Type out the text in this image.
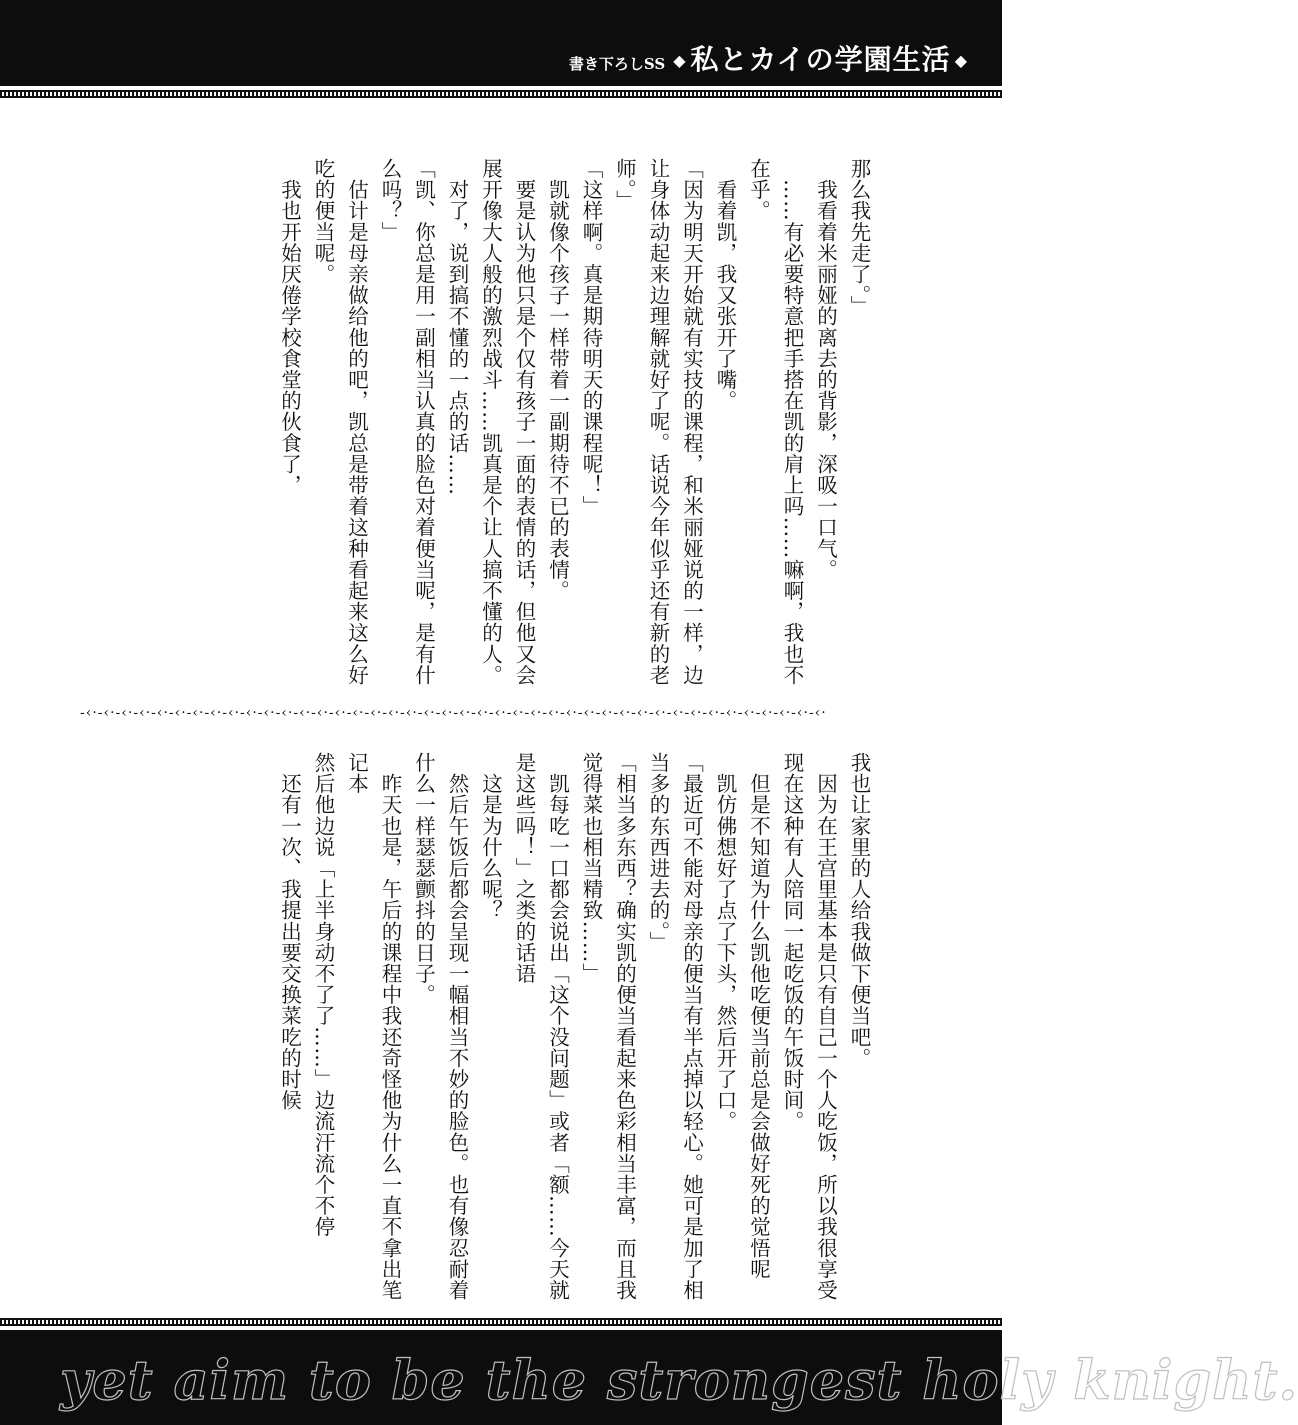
書き下ろしSS ◆ 私とカイの学園生活 ◆

那么我先走了。」

　我看着米丽娅的离去的背影，深吸一口气。

　……有必要特意把手搭在凯的肩上吗……嘛啊，我也不在乎。

　看着凯，我又张开了嘴。

「因为明天开始就有实技的课程，和米丽娅说的一样，边让身体动起来边理解就好了呢。话说今年似乎还有新的老师。」

「这样啊。真是期待明天的课程呢！」

　凯就像个孩子一样带着一副期待不已的表情。

　要是认为他只是个仅有孩子一面的表情的话，但他又会展开像大人般的激烈战斗……凯真是个让人搞不懂的人。

　对了，说到搞不懂的一点的话……

「凯、你总是用一副相当认真的脸色对着便当呢，是有什么吗？」

　估计是母亲做给他的吧，凯总是带着这种看起来这么好吃的便当呢。

　我也开始厌倦学校食堂的伙食了，

-‹·-‹·-‹·-‹·-‹·-‹·-‹·-‹·-‹·-‹·-‹·-‹·-‹·-‹·-‹·-‹·-‹·-‹·-‹·-‹·-‹·-‹·-‹·-‹·-‹·-‹·-‹·-‹·-‹·-‹·-‹·-‹·-‹·-‹·-‹·-‹·-‹·-‹·-‹·-‹·-‹·-‹·

我也让家里的人给我做下便当吧。

　因为在王宫里基本是只有自己一个人吃饭，所以我很享受现在这种有人陪同一起吃饭的午饭时间。

　但是不知道为什么凯他吃便当前总是会做好死的觉悟呢

　凯仿佛想好了点了下头，然后开了口。

「最近可不能对母亲的便当有半点掉以轻心。她可是加了相当多的东西进去的。」

「相当多东西？确实凯的便当看起来色彩相当丰富，而且我觉得菜也相当精致……」

　凯每吃一口都会说出「这个没问题」或者「额……今天就是这些吗！」之类的话语

　这是为什么呢？

　然后午饭后都会呈现一幅相当不妙的脸色。也有像忍耐着什么一样瑟瑟颤抖的日子。

　昨天也是，午后的课程中我还奇怪他为什么一直不拿出笔记本

然后他边说「上半身动不了了……」边流汗流个不停

　还有一次、我提出要交换菜吃的时候

yet aim to be the strongest holy knight.
